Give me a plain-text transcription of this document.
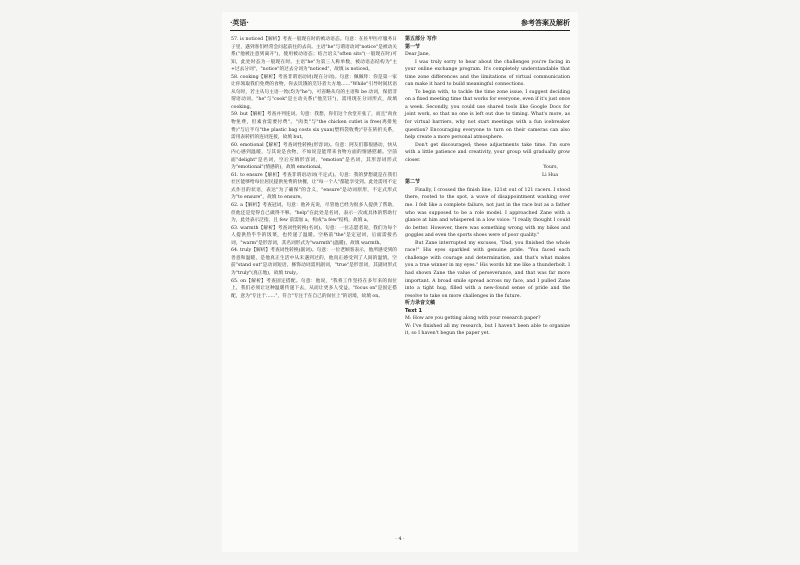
·英语·	参考答案及解析

57. is noticed【解析】考查一般现在时的被动语态。句意：在佐甲医疗服务日子里，遇到客们经常会问起前往的去向。主语"he"与谓语动词"notice"是被动关系("他被注意到离开")，使用被动语态；结合语义"often sits"(一般现在时)可知，此处时态为一般现在时。主语"he"为第三人称单数，被动语态结构为"主+过去分词"，"notice"的过去分词为"noticed"，故填 is noticed。

58. cooking【解析】考查非谓语动词(现在分词)。句意：佩佩拜：你是第一家让你领取我们免费的食物，你去饥饿的烹饪者大方地……"While"引导时间状语从句时，若主从句主语一致(均为"he")，可省略从句的主语和 be 动词，保留非谓语动词。"he"与"cook"是主动关系("他烹饪")，需用现在分词形式，故填 cooking。

59. but【解析】考查并列连词。句意：我想，你们这个食堂开张了，而且"肉食物免费，但素食需要付费"。"肉类"与"the chicken cutlet is free(鸡排免费)"与后半句"the plastic bag costs six yuan(塑料袋收费)"存在转折关系，需用表转折的连词连接，故填 but。

60. emotional【解析】考查词性转换(形容词)。句意：阿友们都很感动，快从内心感到温暖，与其说是食物，不如说是能带来食物方面的情感慰藉。空前面"delight"是名词，空后应填形容词，"emotion"是名词，其形容词形式为"emotional"(情感的)，故填 emotional。

61. to ensure【解析】考查非谓语动词(不定式)。句意：我的梦想就是在我们社区能够给每位居民提供免费的快餐，让"每一个人"都能享受到。此处需用不定式作目的状语，表达"为了确保"的含义，"ensure"是动词原形，不定式形式为"to ensure"，故填 to ensure。

62. a【解析】考查冠词。句意：他补充说，尽管他已经为很多人提供了帮助，但他还是觉得自己做得不够。"help"在此处是名词，表示一次或具体的帮助行为，此处表示泛指，且 few 前需加 a，构成"a few"结构，故填 a。

63. warmth【解析】考查词性转换(名词)。句意：一位志愿者说，我们为每个人提供热乎乎的饭菜，也传递了温暖。空格前"the"是定冠词，后面需接名词，"warm"是形容词，其名词形式为"warmth"(温暖)，故填 warmth。

64. truly【解析】考查词性转换(副词)。句意：一位老顾客表示，他所感受到的善意和温暖，是他真正生活中从未遇到过的，他真正感受到了人间的温情。空前"stand out"是动词短语，修饰动词需用副词，"true"是形容词，其副词形式为"truly"(真正地)，故填 truly。

65. on【解析】考查固定搭配。句意：他说，"我将工作坚持在多年来的岗位上，我们必须让这种温暖传递下去，从而让更多人受益。"focus on"是固定搭配，意为"专注于……"，符合"专注于在自己的岗位上"的语境，故填 on。

第五部分 写作

第一节

Dear Jane,

I was truly sorry to hear about the challenges you're facing in your online exchange program. It's completely understandable that time zone differences and the limitations of virtual communication can make it hard to build meaningful connections.

To begin with, to tackle the time zone issue, I suggest deciding on a fixed meeting time that works for everyone, even if it's just once a week. Secondly, you could use shared tools like Google Docs for joint work, so that no one is left out due to timing. What's more, as for virtual barriers, why not start meetings with a fun icebreaker question? Encouraging everyone to turn on their cameras can also help create a more personal atmosphere.

Don't get discouraged; these adjustments take time. I'm sure with a little patience and creativity, your group will gradually grow closer.

Yours,

Li Hua

第二节

Finally, I crossed the finish line, 121st out of 121 racers. I stood there, rooted to the spot, a wave of disappointment washing over me. I felt like a complete failure, not just in the race but as a father who was supposed to be a role model. I approached Zane with a glance at him and whispered in a low voice: "I really thought I could do better. However, there was something wrong with my bikes and goggles and even the sports shoes were of poor quality."

But Zane interrupted my excuses, "Dad, you finished the whole race!" His eyes sparkled with genuine pride. "You faced each challenge with courage and determination, and that's what makes you a true winner in my eyes." His words hit me like a thunderbolt. I had shown Zane the value of perseverance, and that was far more important. A broad smile spread across my face, and I pulled Zane into a tight hug, filled with a new-found sense of pride and the resolve to take on more challenges in the future.

听力录音文稿

Text 1

M: How are you getting along with your research paper?

W: I've finished all my research, but I haven't been able to organize it, so I haven't begun the paper yet.

· 4 ·
